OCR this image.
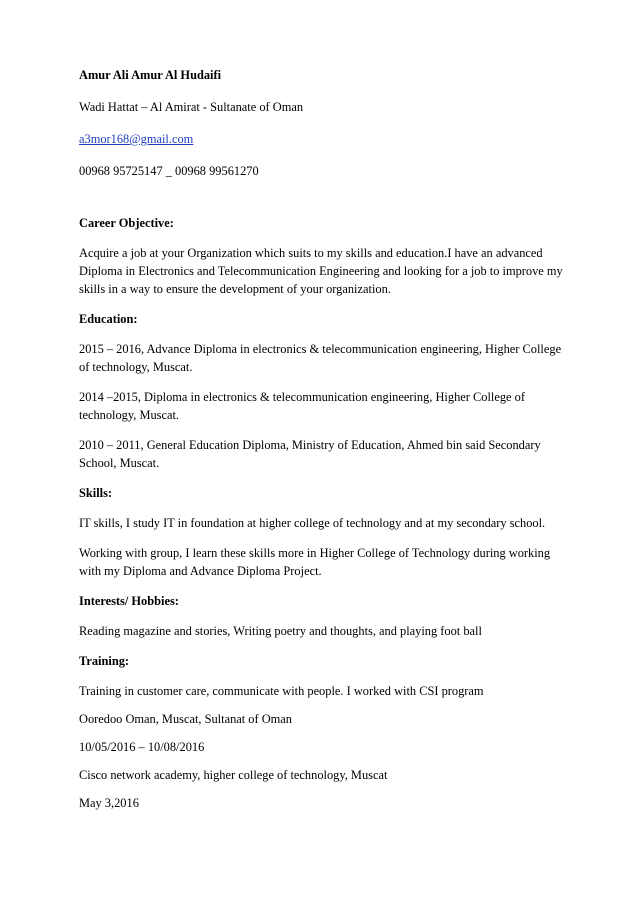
Amur Ali Amur Al Hudaifi

Wadi Hattat – Al Amirat - Sultanate of Oman

a3mor168@gmail.com

00968 95725147 _ 00968 99561270

Career Objective:

Acquire a job at your Organization which suits to my skills and education.I have an advanced Diploma in Electronics and Telecommunication Engineering and looking for a job to improve my skills in a way to ensure the development of your organization.

Education:

2015 – 2016, Advance Diploma in electronics & telecommunication engineering, Higher College of technology, Muscat.

2014 –2015, Diploma in electronics & telecommunication engineering, Higher College of technology, Muscat.

2010 – 2011, General Education Diploma, Ministry of Education, Ahmed bin said Secondary School, Muscat.

Skills:

IT skills, I study IT in foundation at higher college of technology and at my secondary school.

Working with group, I learn these skills more in Higher College of Technology during working with my Diploma and Advance Diploma Project.

Interests/ Hobbies:

Reading magazine and stories, Writing poetry and thoughts, and playing foot ball

Training:

Training in customer care, communicate with people. I worked with CSI program

Ooredoo Oman, Muscat, Sultanat of Oman

10/05/2016 – 10/08/2016

Cisco network academy, higher college of technology, Muscat

May 3,2016
